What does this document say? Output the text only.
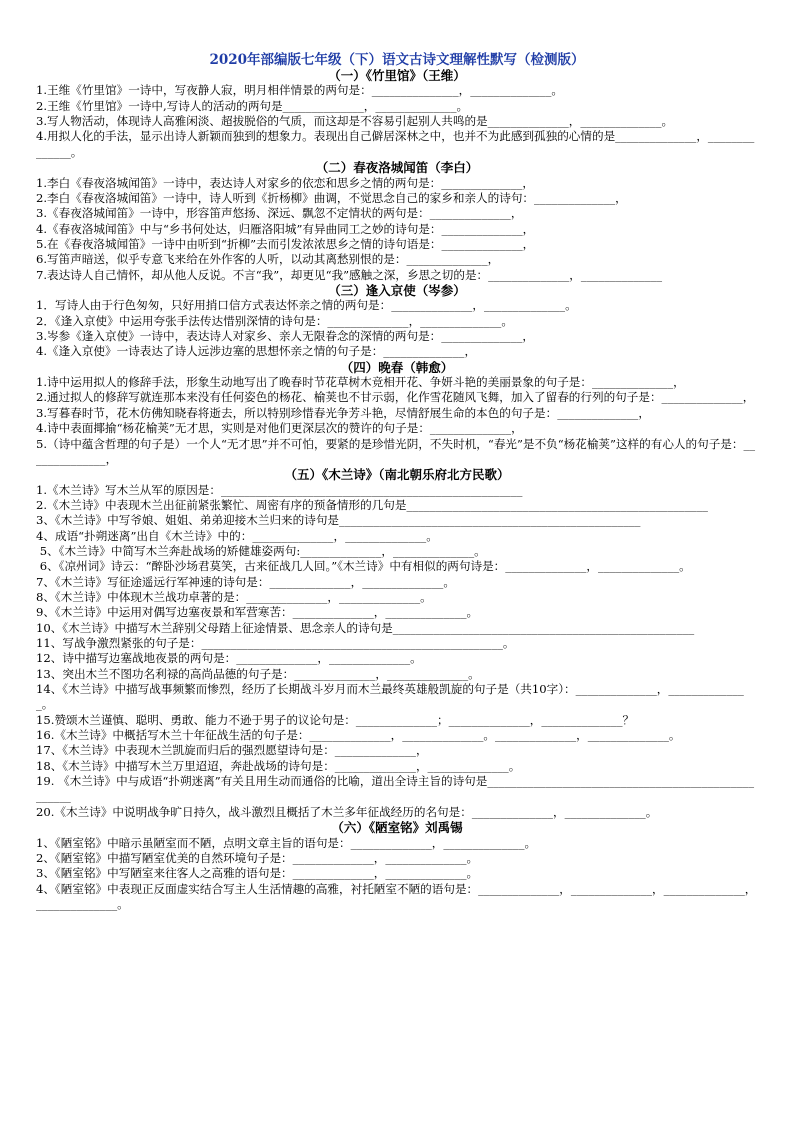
2020年部编版七年级（下）语文古诗文理解性默写（检测版）
（一）《竹里馆》（王维）
1.王维《竹里馆》一诗中，写夜静人寂，明月相伴情景的两句是：_______________，______________。
2.王维《竹里馆》一诗中,写诗人的活动的两句是______________，______________。
3.写人物活动，体现诗人高雅闲淡、超拔脱俗的气质，而这却是不容易引起别人共鸣的是______________，______________。
4.用拟人化的手法，显示出诗人新颖而独到的想象力。表现出自己僻居深林之中，也并不为此感到孤独的心情的是______________，______________。
（二）春夜洛城闻笛（李白）
1.李白《春夜洛城闻笛》一诗中，表达诗人对家乡的依恋和思乡之情的两句是：______________，
2.李白《春夜洛城闻笛》一诗中，诗人听到《折杨柳》曲调，不觉思念自己的家乡和亲人的诗句：______________，
3.《春夜洛城闻笛》一诗中，形容笛声悠扬、深远、飘忽不定情状的两句是：______________，
4.《春夜洛城闻笛》中与“乡书何处达，归雁洛阳城”有异曲同工之妙的诗句是：______________，
5.在《春夜洛城闻笛》一诗中由听到“折柳”去而引发浓浓思乡之情的诗句语是：______________，
6.写笛声暗送，似乎专意飞来给在外作客的人听，以动其离愁别恨的是：______________，
7.表达诗人自己情怀，却从他人反说。不言“我”，却更见“我”感触之深，乡思之切的是：______________，______________
（三）逢入京使（岑参）
1．写诗人由于行色匆匆，只好用捎口信方式表达怀亲之情的两句是：______________，______________。
2．《逢入京使》中运用夸张手法传达惜别深情的诗句是：______________，______________。
3.岑参《逢入京使》一诗中，表达诗人对家乡、亲人无限眷念的深情的两句是：______________，
4.《逢入京使》一诗表达了诗人远涉边塞的思想怀亲之情的句子是：______________，
（四）晚春（韩愈）
1.诗中运用拟人的修辞手法，形象生动地写出了晚春时节花草树木竞相开花、争妍斗艳的美丽景象的句子是：______________，
2.通过拟人的修辞写就连那本来没有任何姿色的杨花、榆荚也不甘示弱，化作雪花随风飞舞，加入了留春的行列的句子是：______________，
3.写暮春时节，花木仿佛知晓春将逝去，所以特别珍惜春光争芳斗艳，尽情舒展生命的本色的句子是：______________，
4.诗中表面揶揄“杨花榆荚”无才思，实则是对他们更深层次的赞许的句子是：______________，
5.（诗中蕴含哲理的句子是）一个人“无才思”并不可怕，要紧的是珍惜光阴，不失时机，“春光”是不负“杨花榆荚”这样的有心人的句子是：______________，
（五）《木兰诗》（南北朝乐府北方民歌）
1.《木兰诗》写木兰从军的原因是：____________________________________________________
2.《木兰诗》中表现木兰出征前紧张繁忙、周密有序的预备情形的几句是____________________________________________________
3、《木兰诗》中写爷娘、姐姐、弟弟迎接木兰归来的诗句是____________________________________________________
4、成语“扑朔迷离”出自《木兰诗》中的：______________，______________。
5、《木兰诗》中简写木兰奔赴战场的矫健雄姿两句:______________，______________。
6、《凉州词》诗云：“醉卧沙场君莫笑，古来征战几人回。”《木兰诗》中有相似的两句诗是：______________，______________。
7、《木兰诗》写征途遥远行军神速的诗句是：______________，______________。
8、《木兰诗》中体现木兰战功卓著的是：______________，______________。
9、《木兰诗》中运用对偶写边塞夜景和军营寒苦：______________，______________。
10、《木兰诗》中描写木兰辞别父母踏上征途情景、思念亲人的诗句是____________________________________________________
11、写战争激烈紧张的句子是：____________________________________________________。
12、诗中描写边塞战地夜景的两句是：______________，______________。
13、突出木兰不图功名利禄的高尚品德的句子是：______________，______________。
14、《木兰诗》中描写战事频繁而惨烈，经历了长期战斗岁月而木兰最终英雄般凯旋的句子是（共10字）：______________，______________。
15.赞颂木兰谨慎、聪明、勇敢、能力不逊于男子的议论句是：______________；______________，______________？
16.《木兰诗》中概括写木兰十年征战生活的句子是：______________，______________。______________，______________。
17、《木兰诗》中表现木兰凯旋而归后的强烈愿望诗句是：______________，
18、《木兰诗》中描写木兰万里迢迢，奔赴战场的诗句是：______________，______________。
19. 《木兰诗》中与成语“扑朔迷离”有关且用生动而通俗的比喻，道出全诗主旨的诗句是____________________________________________________
20.《木兰诗》中说明战争旷日持久，战斗激烈且概括了木兰多年征战经历的名句是：______________，______________。
（六）《陋室铭》刘禹锡
1、《陋室铭》中暗示虽陋室而不陋，点明文章主旨的语句是：______________，______________。
2、《陋室铭》中描写陋室优美的自然环境句子是：______________，______________。
3、《陋室铭》中写陋室来往客人之高雅的语句是：______________，______________。
4、《陋室铭》中表现正反面虚实结合写主人生活情趣的高雅，衬托陋室不陋的语句是：______________，______________，______________，______________。
